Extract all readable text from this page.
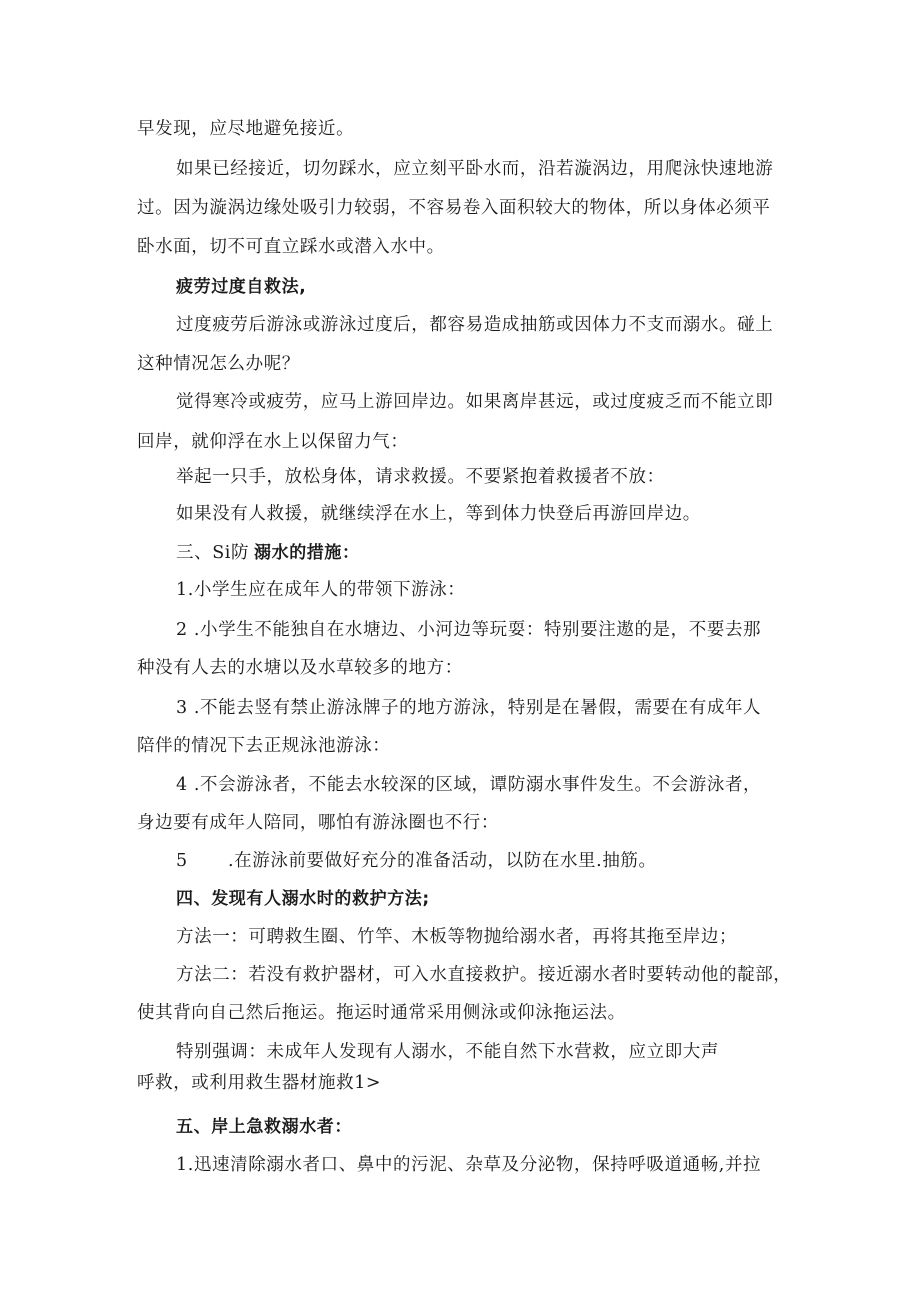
早发现，应尽地避免接近。
如果已经接近，切勿踩水，应立刻平卧水而，沿若漩涡边，用爬泳快速地游
过。因为漩涡边缘处吸引力较弱，不容易卷入面积较大的物体，所以身体必须平
卧水面，切不可直立踩水或潜入水中。
疲劳过度自救法,
过度疲劳后游泳或游泳过度后，都容易造成抽筋或因体力不支而溺水。碰上
这种情况怎么办呢？
觉得寒冷或疲劳，应马上游回岸边。如果离岸甚远，或过度疲乏而不能立即
回岸，就仰浮在水上以保留力气：
举起一只手，放松身体，请求救援。不要紧抱着救援者不放：
如果没有人救援，就继续浮在水上，等到体力快登后再游回岸边。
三、Si防 溺水的措施：
1.小学生应在成年人的带领下游泳：
2 .小学生不能独自在水塘边、小河边等玩耍：特别要注遨的是，不要去那
种没有人去的水塘以及水草较多的地方：
3 .不能去竖有禁止游泳牌子的地方游泳，特别是在暑假，需要在有成年人
陪伴的情况下去正规泳池游泳：
4 .不会游泳者，不能去水较深的区域，谭防溺水事件发生。不会游泳者，
身边要有成年人陪同，哪怕有游泳圈也不行：
5 .在游泳前要做好充分的准备活动，以防在水里.抽筋。
四、发现有人溺水时的救护方法;
方法一：可聘救生圈、竹竿、木板等物抛给溺水者，再将其拖至岸边；
方法二：若没有救护器材，可入水直接救护。接近溺水者时要转动他的靛部，
使其背向自己然后拖运。拖运时通常采用侧泳或仰泳拖运法。
特别强调：未成年人发现有人溺水，不能自然下水营救，应立即大声
呼救，或利用救生器材施救1>
五、岸上急救溺水者：
1.迅速清除溺水者口、鼻中的污泥、杂草及分泌物，保持呼吸道通畅,并拉
